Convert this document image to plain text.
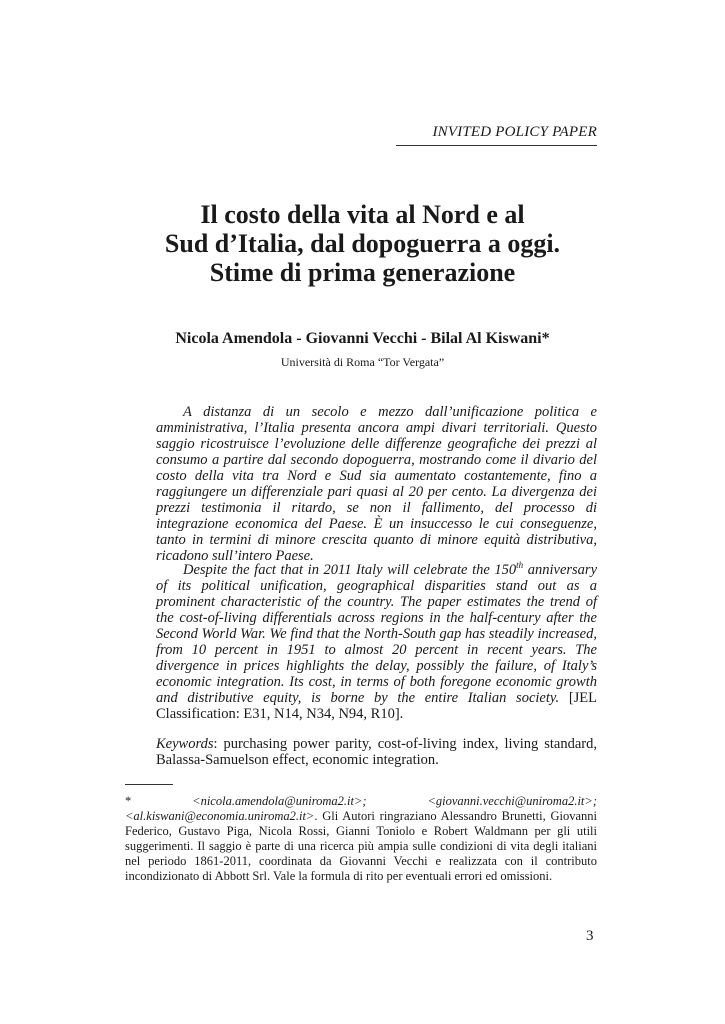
INVITED POLICY PAPER
Il costo della vita al Nord e al
Sud d’Italia, dal dopoguerra a oggi.
Stime di prima generazione
Nicola Amendola - Giovanni Vecchi - Bilal Al Kiswani*
Università di Roma “Tor Vergata”

A distanza di un secolo e mezzo dall’unificazione politica e amministrativa, l’Italia presenta ancora ampi divari territoriali. Questo saggio ricostruisce l’evoluzione delle differenze geografiche dei prezzi al consumo a partire dal secondo dopoguerra, mostrando come il divario del costo della vita tra Nord e Sud sia aumentato costantemente, fino a raggiungere un differenziale pari quasi al 20 per cento. La divergenza dei prezzi testimonia il ritardo, se non il fallimento, del processo di integrazione economica del Paese. È un insuccesso le cui conseguenze, tanto in termini di minore crescita quanto di minore equità distributiva, ricadono sull’intero Paese.

Despite the fact that in 2011 Italy will celebrate the 150th anniversary of its political unification, geographical disparities stand out as a prominent characteristic of the country. The paper estimates the trend of the cost-of-living differentials across regions in the half-century after the Second World War. We find that the North-South gap has steadily increased, from 10 percent in 1951 to almost 20 percent in recent years. The divergence in prices highlights the delay, possibly the failure, of Italy’s economic integration. Its cost, in terms of both foregone economic growth and distributive equity, is borne by the entire Italian society. [JEL Classification: E31, N14, N34, N94, R10].

Keywords: purchasing power parity, cost-of-living index, living standard, Balassa-Samuelson effect, economic integration.

* <nicola.amendola@uniroma2.it>; <giovanni.vecchi@uniroma2.it>; <al.kiswani@economia.uniroma2.it>. Gli Autori ringraziano Alessandro Brunetti, Giovanni Federico, Gustavo Piga, Nicola Rossi, Gianni Toniolo e Robert Waldmann per gli utili suggerimenti. Il saggio è parte di una ricerca più ampia sulle condizioni di vita degli italiani nel periodo 1861-2011, coordinata da Giovanni Vecchi e realizzata con il contributo incondizionato di Abbott Srl. Vale la formula di rito per eventuali errori ed omissioni.

3
